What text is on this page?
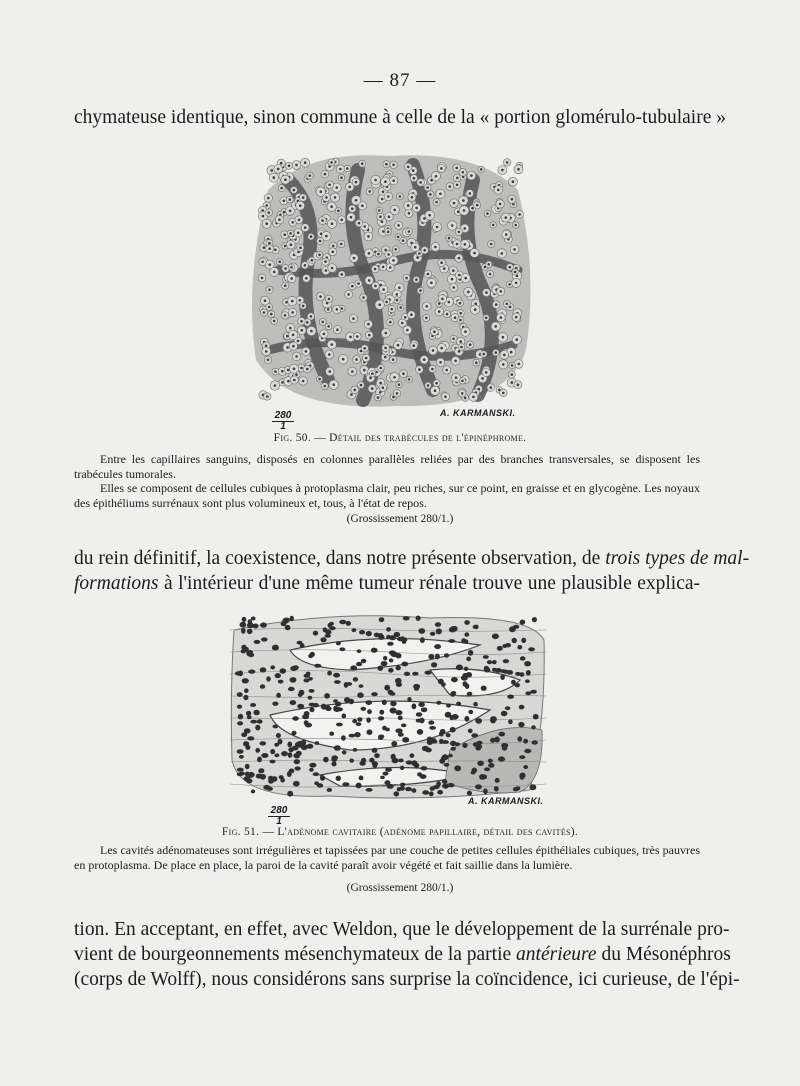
— 87 —
chymateuse identique, sinon commune à celle de la « portion glomérulo-tubulaire »
280
1
A. KARMANSKI.
Fig. 50. — Détail des trabécules de l'épinéphrome.

Entre les capillaires sanguins, disposés en colonnes parallèles reliées par des branches transversales, se disposent les trabécules tumorales.

Elles se composent de cellules cubiques à protoplasma clair, peu riches, sur ce point, en graisse et en glycogène. Les noyaux des épithéliums surrénaux sont plus volumineux et, tous, à l'état de repos.

(Grossissement 280/1.)
du rein définitif, la coexistence, dans notre présente observation, de trois types de mal-
formations à l'intérieur d'une même tumeur rénale trouve une plausible explica-
280
1
A. KARMANSKI.
Fig. 51. — L'adénome cavitaire (adénome papillaire, détail des cavités).

Les cavités adénomateuses sont irrégulières et tapissées par une couche de petites cellules épithéliales cubiques, très pauvres en protoplasma. De place en place, la paroi de la cavité paraît avoir végété et fait saillie dans la lumière.

(Grossissement 280/1.)
tion. En acceptant, en effet, avec Weldon, que le développement de la surrénale pro-
vient de bourgeonnements mésenchymateux de la partie antérieure du Mésonéphros
(corps de Wolff), nous considérons sans surprise la coïncidence, ici curieuse, de l'épi-
